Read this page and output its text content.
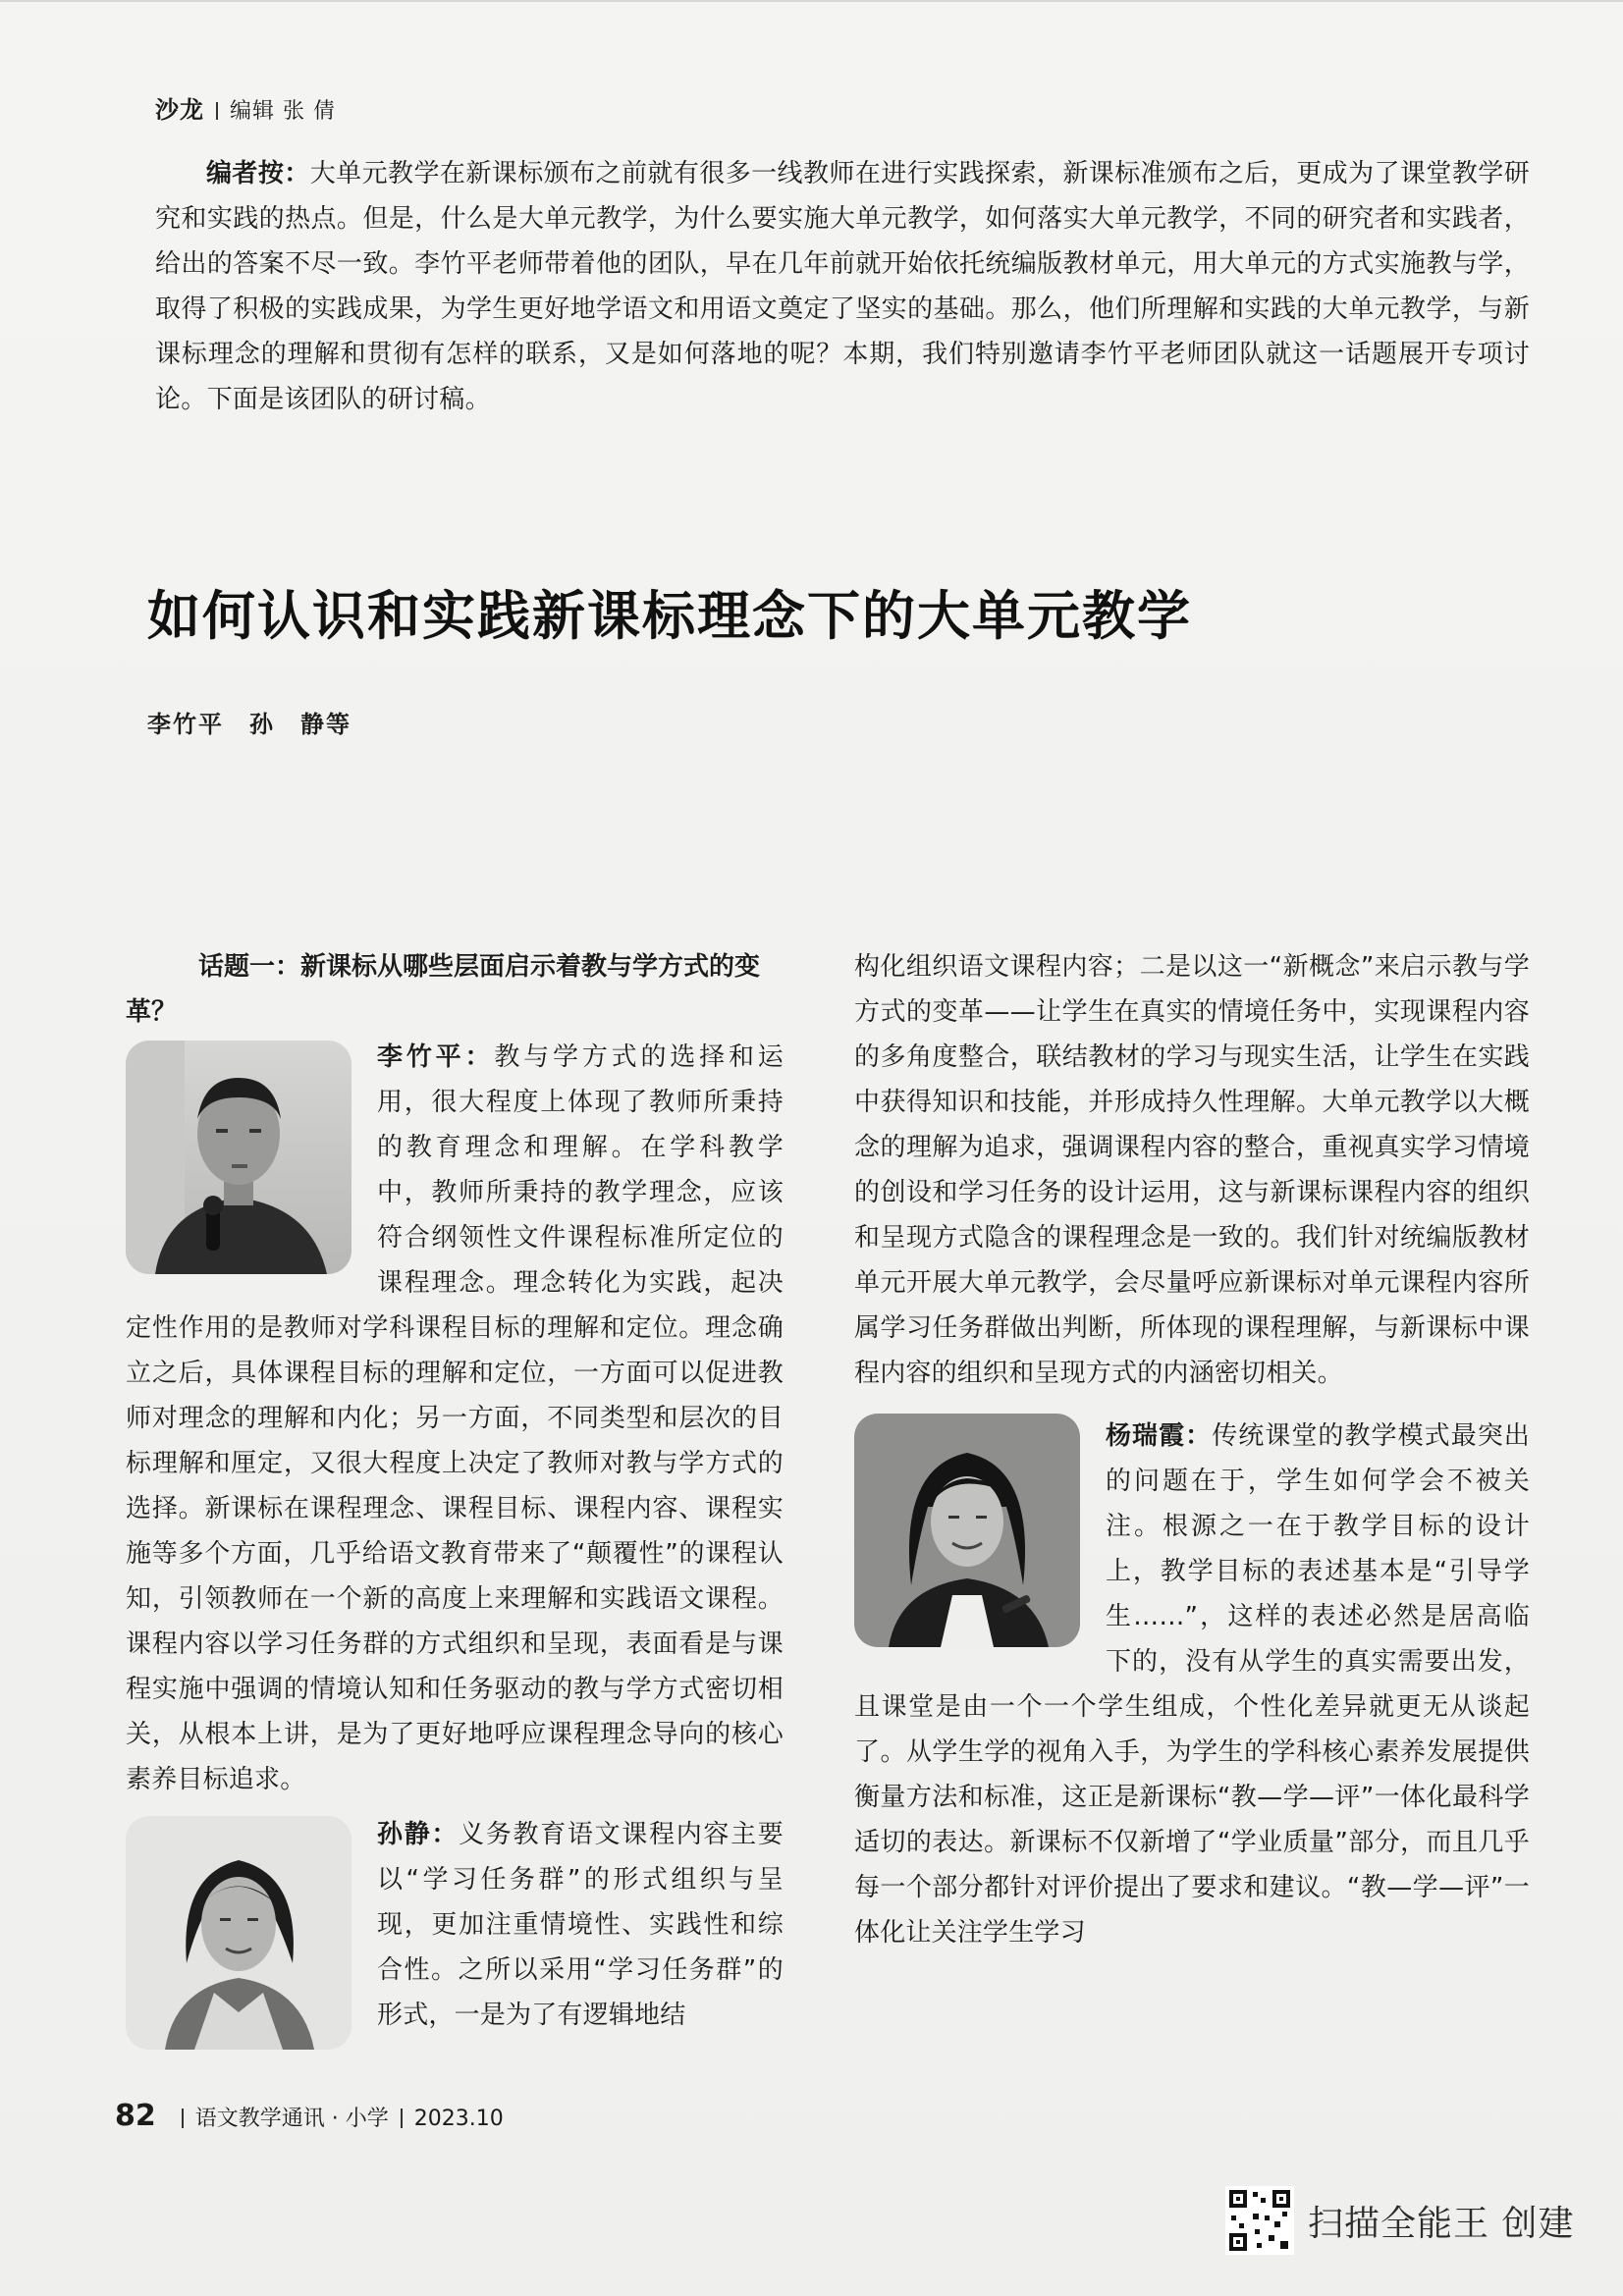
沙龙 编辑 张 倩
编者按：大单元教学在新课标颁布之前就有很多一线教师在进行实践探索，新课标准颁布之后，更成为了课堂教学研究和实践的热点。但是，什么是大单元教学，为什么要实施大单元教学，如何落实大单元教学，不同的研究者和实践者，给出的答案不尽一致。李竹平老师带着他的团队，早在几年前就开始依托统编版教材单元，用大单元的方式实施教与学，取得了积极的实践成果，为学生更好地学语文和用语文奠定了坚实的基础。那么，他们所理解和实践的大单元教学，与新课标理念的理解和贯彻有怎样的联系，又是如何落地的呢？本期，我们特别邀请李竹平老师团队就这一话题展开专项讨论。下面是该团队的研讨稿。
如何认识和实践新课标理念下的大单元教学
李竹平　孙　静等

话题一：新课标从哪些层面启示着教与学方式的变革？

李竹平：教与学方式的选择和运用，很大程度上体现了教师所秉持的教育理念和理解。在学科教学中，教师所秉持的教学理念，应该符合纲领性文件课程标准所定位的课程理念。理念转化为实践，起决定性作用的是教师对学科课程目标的理解和定位。理念确立之后，具体课程目标的理解和定位，一方面可以促进教师对理念的理解和内化；另一方面，不同类型和层次的目标理解和厘定，又很大程度上决定了教师对教与学方式的选择。新课标在课程理念、课程目标、课程内容、课程实施等多个方面，几乎给语文教育带来了“颠覆性”的课程认知，引领教师在一个新的高度上来理解和实践语文课程。课程内容以学习任务群的方式组织和呈现，表面看是与课程实施中强调的情境认知和任务驱动的教与学方式密切相关，从根本上讲，是为了更好地呼应课程理念导向的核心素养目标追求。

孙静：义务教育语文课程内容主要以“学习任务群”的形式组织与呈现，更加注重情境性、实践性和综合性。之所以采用“学习任务群”的形式，一是为了有逻辑地结

构化组织语文课程内容；二是以这一“新概念”来启示教与学方式的变革——让学生在真实的情境任务中，实现课程内容的多角度整合，联结教材的学习与现实生活，让学生在实践中获得知识和技能，并形成持久性理解。大单元教学以大概念的理解为追求，强调课程内容的整合，重视真实学习情境的创设和学习任务的设计运用，这与新课标课程内容的组织和呈现方式隐含的课程理念是一致的。我们针对统编版教材单元开展大单元教学，会尽量呼应新课标对单元课程内容所属学习任务群做出判断，所体现的课程理解，与新课标中课程内容的组织和呈现方式的内涵密切相关。

杨瑞霞：传统课堂的教学模式最突出的问题在于，学生如何学会不被关注。根源之一在于教学目标的设计上，教学目标的表述基本是“引导学生……”，这样的表述必然是居高临下的，没有从学生的真实需要出发，且课堂是由一个一个学生组成，个性化差异就更无从谈起了。从学生学的视角入手，为学生的学科核心素养发展提供衡量方法和标准，这正是新课标“教—学—评”一体化最科学适切的表达。新课标不仅新增了“学业质量”部分，而且几乎每一个部分都针对评价提出了要求和建议。“教—学—评”一体化让关注学生学习

82 语文教学通讯 · 小学 2023.10
扫描全能王 创建
